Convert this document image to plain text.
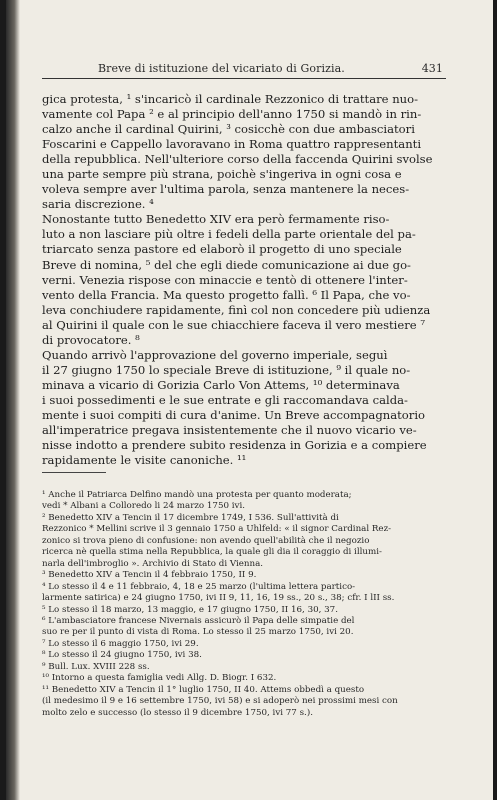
Breve di istituzione del vicariato di Gorizia.	431
gica protesta, ¹ s'incaricò il cardinale Rezzonico di trattare nuo-
vamente col Papa ² e al principio dell'anno 1750 si mandò in rin-
calzo anche il cardinal Quirini, ³ cosicchè con due ambasciatori
Foscarini e Cappello lavoravano in Roma quattro rappresentanti
della repubblica. Nell'ulteriore corso della faccenda Quirini svolse
una parte sempre più strana, poichè s'ingeriva in ogni cosa e
voleva sempre aver l'ultima parola, senza mantenere la neces-
saria discrezione. ⁴
Nonostante tutto Benedetto XIV era però fermamente riso-
luto a non lasciare più oltre i fedeli della parte orientale del pa-
triarcato senza pastore ed elaborò il progetto di uno speciale
Breve di nomina, ⁵ del che egli diede comunicazione ai due go-
verni. Venezia rispose con minaccie e tentò di ottenere l'inter-
vento della Francia. Ma questo progetto fallì. ⁶ Il Papa, che vo-
leva conchiudere rapidamente, finì col non concedere più udienza
al Quirini il quale con le sue chiacchiere faceva il vero mestiere ⁷
di provocatore. ⁸
Quando arrivò l'approvazione del governo imperiale, seguì
il 27 giugno 1750 lo speciale Breve di istituzione, ⁹ il quale no-
minava a vicario di Gorizia Carlo Von Attems, ¹⁰ determinava
i suoi possedimenti e le sue entrate e gli raccomandava calda-
mente i suoi compiti di cura d'anime. Un Breve accompagnatorio
all'imperatrice pregava insistentemente che il nuovo vicario ve-
nisse indotto a prendere subito residenza in Gorizia e a compiere
rapidamente le visite canoniche. ¹¹
¹ Anche il Patriarca Delfino mandò una protesta per quanto moderata;
vedi * Albani a Colloredo li 24 marzo 1750 ivi.
² Benedetto XIV a Tencin il 17 dicembre 1749, I 536. Sull'attività di
Rezzonico * Mellini scrive il 3 gennaio 1750 a Uhlfeld: « il signor Cardinal Rez-
zonico si trova pieno di confusione: non avendo quell'abilità che il negozio
ricerca nè quella stima nella Repubblica, la quale gli dia il coraggio di illumi-
narla dell'imbroglio ». Archivio di Stato di Vienna.
³ Benedetto XIV a Tencin il 4 febbraio 1750, II 9.
⁴ Lo stesso il 4 e 11 febbraio, 4, 18 e 25 marzo (l'ultima lettera partico-
larmente satirica) e 24 giugno 1750, ivi II 9, 11, 16, 19 ss., 20 s., 38; cfr. I lII ss.
⁵ Lo stesso il 18 marzo, 13 maggio, e 17 giugno 1750, II 16, 30, 37.
⁶ L'ambasciatore francese Nivernais assicurò il Papa delle simpatie del
suo re per il punto di vista di Roma. Lo stesso il 25 marzo 1750, ivi 20.
⁷ Lo stesso il 6 maggio 1750, ivi 29.
⁸ Lo stesso il 24 giugno 1750, ivi 38.
⁹ Bull. Lux. XVIII 228 ss.
¹⁰ Intorno a questa famiglia vedi Allg. D. Biogr. I 632.
¹¹ Benedetto XIV a Tencin il 1° luglio 1750, II 40. Attems obbedì a questo
(il medesimo il 9 e 16 settembre 1750, ivi 58) e si adoperò nei prossimi mesi con
molto zelo e successo (lo stesso il 9 dicembre 1750, ivi 77 s.).
